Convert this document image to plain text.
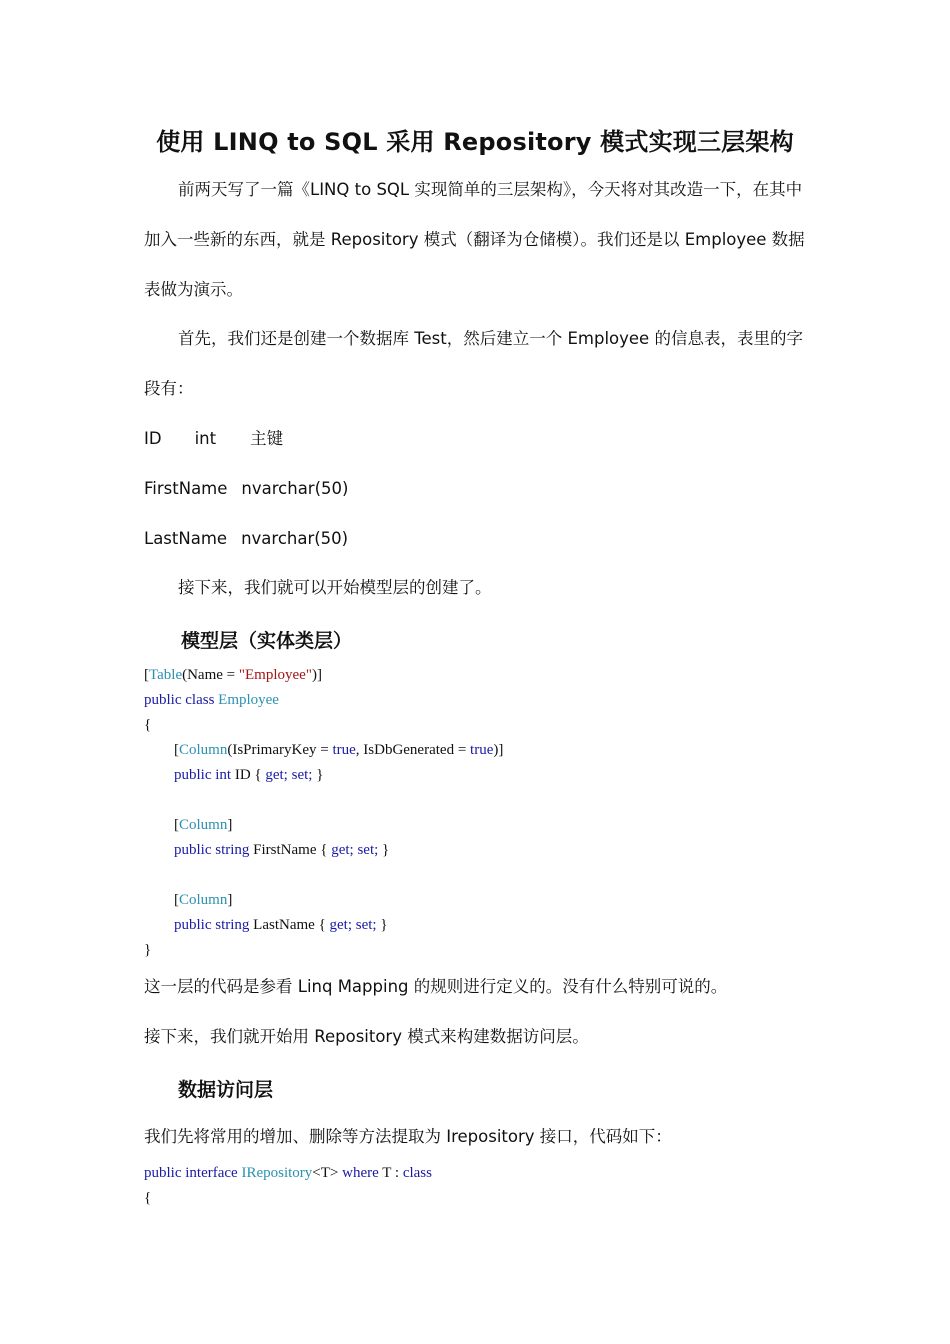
使用 LINQ to SQL 采用 Repository 模式实现三层架构
前两天写了一篇《LINQ to SQL 实现简单的三层架构》，今天将对其改造一下，在其中
加入一些新的东西，就是 Repository 模式（翻译为仓储模）。我们还是以 Employee 数据
表做为演示。
首先，我们还是创建一个数据库 Test，然后建立一个 Employee 的信息表，表里的字
段有：
ID int 主键
FirstName nvarchar(50)
LastName nvarchar(50)
接下来，我们就可以开始模型层的创建了。
模型层（实体类层）
[Table(Name = "Employee")]
public class Employee
{
[Column(IsPrimaryKey = true, IsDbGenerated = true)]
public int ID { get; set; }
[Column]
public string FirstName { get; set; }
[Column]
public string LastName { get; set; }
}
这一层的代码是参看 Linq Mapping 的规则进行定义的。没有什么特别可说的。
接下来，我们就开始用 Repository 模式来构建数据访问层。
数据访问层
我们先将常用的增加、删除等方法提取为 Irepository 接口，代码如下：
public interface IRepository<T> where T : class
{
